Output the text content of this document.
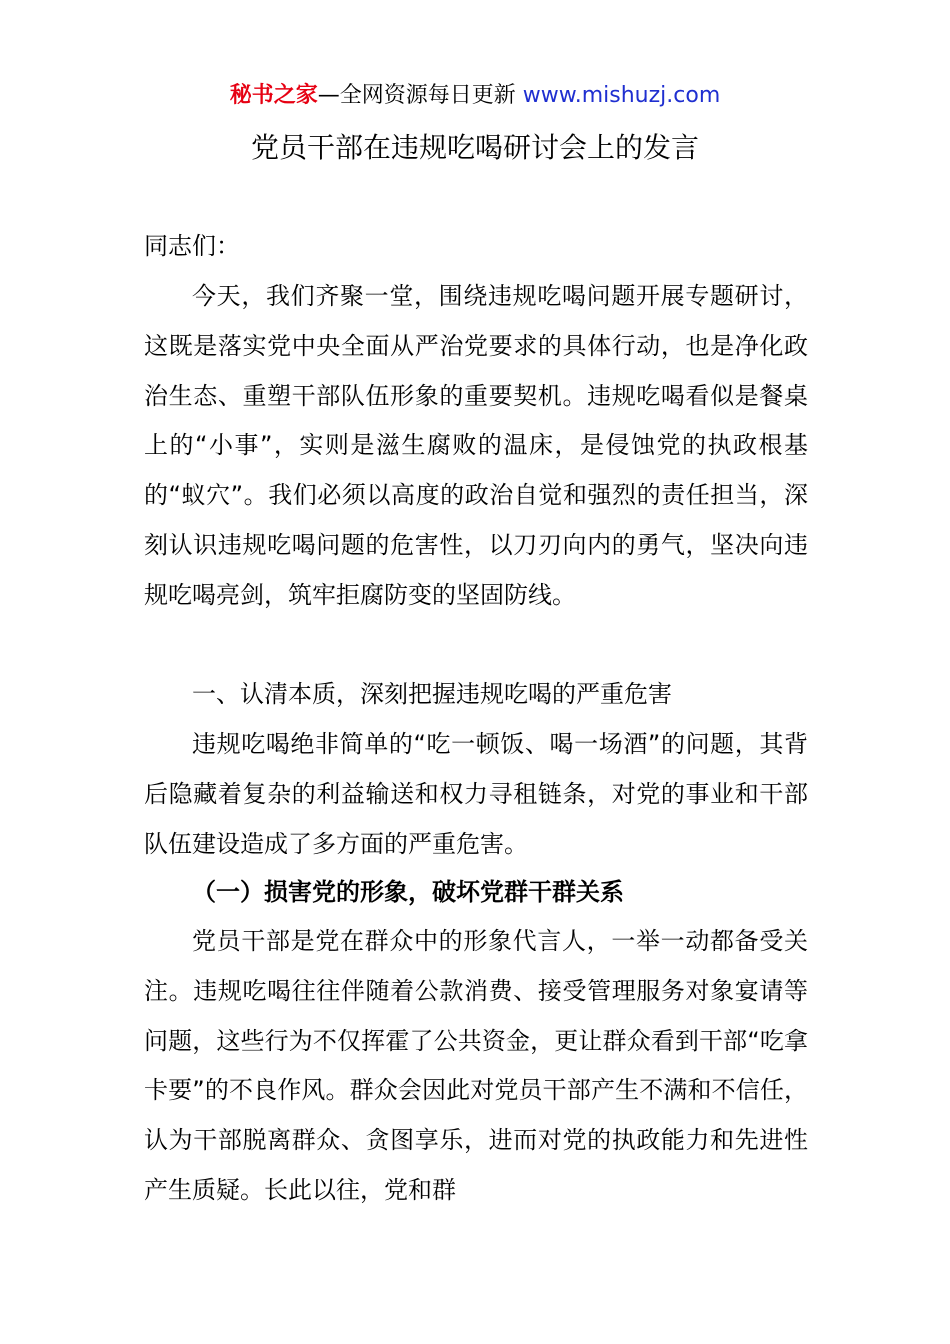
秘书之家—全网资源每日更新 www.mishuzj.com
党员干部在违规吃喝研讨会上的发言

同志们：

今天，我们齐聚一堂，围绕违规吃喝问题开展专题研讨，这既是落实党中央全面从严治党要求的具体行动，也是净化政治生态、重塑干部队伍形象的重要契机。违规吃喝看似是餐桌上的“小事”，实则是滋生腐败的温床，是侵蚀党的执政根基的“蚁穴”。我们必须以高度的政治自觉和强烈的责任担当，深刻认识违规吃喝问题的危害性，以刀刃向内的勇气，坚决向违规吃喝亮剑，筑牢拒腐防变的坚固防线。

一、认清本质，深刻把握违规吃喝的严重危害

违规吃喝绝非简单的“吃一顿饭、喝一场酒”的问题，其背后隐藏着复杂的利益输送和权力寻租链条，对党的事业和干部队伍建设造成了多方面的严重危害。

（一）损害党的形象，破坏党群干群关系

党员干部是党在群众中的形象代言人，一举一动都备受关注。违规吃喝往往伴随着公款消费、接受管理服务对象宴请等问题，这些行为不仅挥霍了公共资金，更让群众看到干部“吃拿卡要”的不良作风。群众会因此对党员干部产生不满和不信任，认为干部脱离群众、贪图享乐，进而对党的执政能力和先进性产生质疑。长此以往，党和群
